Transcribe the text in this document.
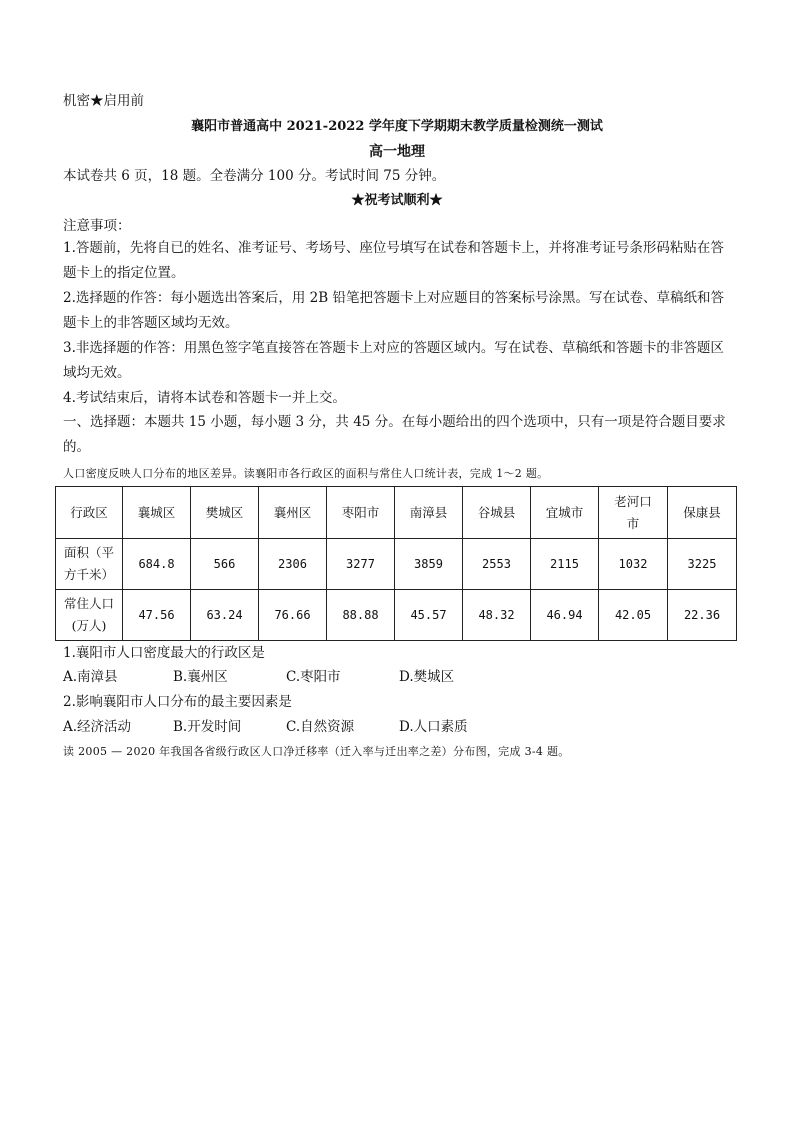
机密★启用前
襄阳市普通高中 2021-2022 学年度下学期期末教学质量检测统一测试
高一地理
本试卷共 6 页，18 题。全卷满分 100 分。考试时间 75 分钟。
★祝考试顺利★
注意事项：
1.答题前，先将自已的姓名、准考证号、考场号、座位号填写在试卷和答题卡上，并将准考证号条形码粘贴在答题卡上的指定位置。
2.选择题的作答：每小题选出答案后，用 2B 铅笔把答题卡上对应题目的答案标号涂黑。写在试卷、草稿纸和答题卡上的非答题区域均无效。
3.非选择题的作答：用黑色签字笔直接答在答题卡上对应的答题区域内。写在试卷、草稿纸和答题卡的非答题区域均无效。
4.考试结束后，请将本试卷和答题卡一并上交。
一、选择题：本题共 15 小题，每小题 3 分，共 45 分。在每小题给出的四个选项中，只有一项是符合题目要求的。
人口密度反映人口分布的地区差异。读襄阳市各行政区的面积与常住人口统计表，完成 1～2 题。
行政区	襄城区	樊城区	襄州区	枣阳市	南漳县	谷城县	宜城市	老河口市	保康县
面积（平方千米）	684.8	566	2306	3277	3859	2553	2115	1032	3225
常住人口(万人)	47.56	63.24	76.66	88.88	45.57	48.32	46.94	42.05	22.36
1.襄阳市人口密度最大的行政区是
A.南漳县	B.襄州区	C.枣阳市	D.樊城区
2.影响襄阳市人口分布的最主要因素是
A.经济活动	B.开发时间	C.自然资源	D.人口素质
读 2005 — 2020 年我国各省级行政区人口净迁移率（迁入率与迁出率之差）分布图，完成 3-4 题。
